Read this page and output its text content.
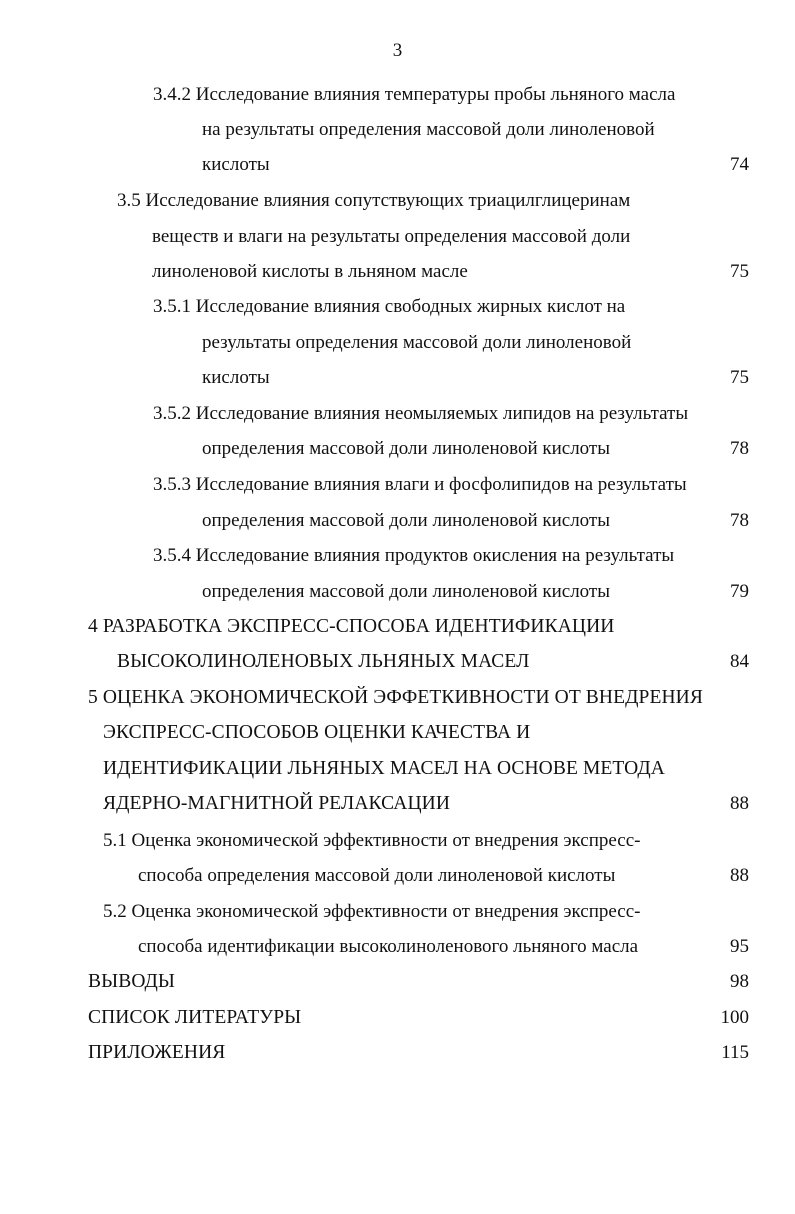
3
3.4.2 Исследование влияния температуры пробы льняного масла
на результаты определения массовой доли линоленовой
кислоты	74
3.5 Исследование влияния сопутствующих триацилглицеринам
веществ и влаги на результаты определения массовой доли
линоленовой кислоты в льняном масле	75
3.5.1 Исследование влияния свободных жирных кислот на
результаты определения массовой доли линоленовой
кислоты	75
3.5.2 Исследование влияния неомыляемых липидов на результаты
определения массовой доли линоленовой кислоты	78
3.5.3 Исследование влияния влаги и фосфолипидов на результаты
определения массовой доли линоленовой кислоты	78
3.5.4 Исследование влияния продуктов окисления на результаты
определения массовой доли линоленовой кислоты	79
4 РАЗРАБОТКА ЭКСПРЕСС-СПОСОБА ИДЕНТИФИКАЦИИ
ВЫСОКОЛИНОЛЕНОВЫХ ЛЬНЯНЫХ МАСЕЛ	84
5 ОЦЕНКА ЭКОНОМИЧЕСКОЙ ЭФФЕТКИВНОСТИ ОТ ВНЕДРЕНИЯ
ЭКСПРЕСС-СПОСОБОВ ОЦЕНКИ КАЧЕСТВА И
ИДЕНТИФИКАЦИИ ЛЬНЯНЫХ МАСЕЛ НА ОСНОВЕ МЕТОДА
ЯДЕРНО-МАГНИТНОЙ РЕЛАКСАЦИИ	88
5.1 Оценка экономической эффективности от внедрения экспресс-
способа определения массовой доли линоленовой кислоты	88
5.2 Оценка экономической эффективности от внедрения экспресс-
способа идентификации высоколиноленового льняного масла	95
ВЫВОДЫ	98
СПИСОК ЛИТЕРАТУРЫ	100
ПРИЛОЖЕНИЯ	115
